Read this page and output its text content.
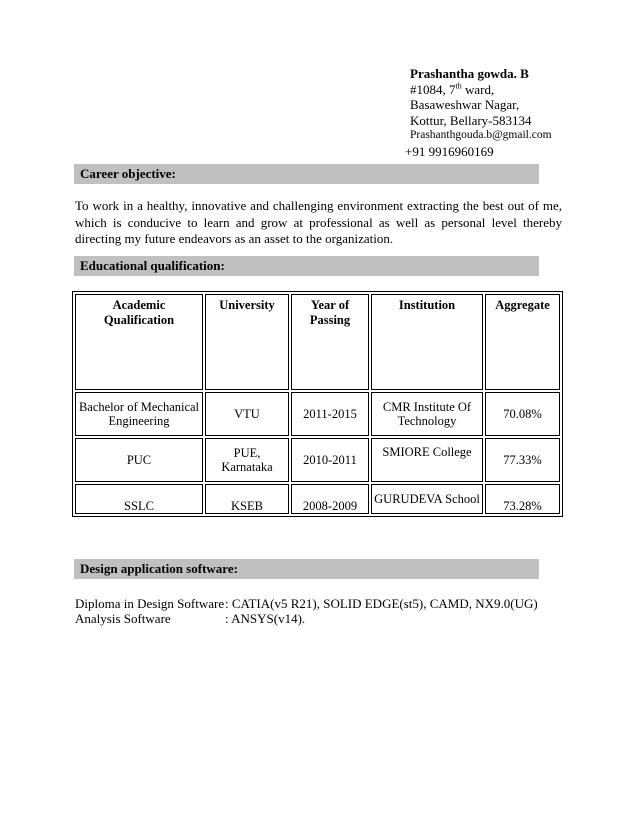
Prashantha gowda. B
#1084, 7th ward,
Basaweshwar Nagar,
Kottur, Bellary-583134
Prashanthgouda.b@gmail.com
+91 9916960169
Career objective:
To work in a healthy, innovative and challenging environment extracting the best out of me, which is conducive to learn and grow at professional as well as personal level thereby directing my future endeavors as an asset to the organization.
Educational qualification:
Academic Qualification	University	Year of Passing	Institution	Aggregate
Bachelor of Mechanical Engineering	VTU	2011-2015	CMR Institute Of Technology	70.08%
PUC	PUE, Karnataka	2010-2011	SMIORE College	77.33%
SSLC	KSEB	2008-2009	GURUDEVA School	73.28%
Design application software:
Diploma in Design Software : CATIA(v5 R21), SOLID EDGE(st5), CAMD, NX9.0(UG)
Analysis Software	: ANSYS(v14).
